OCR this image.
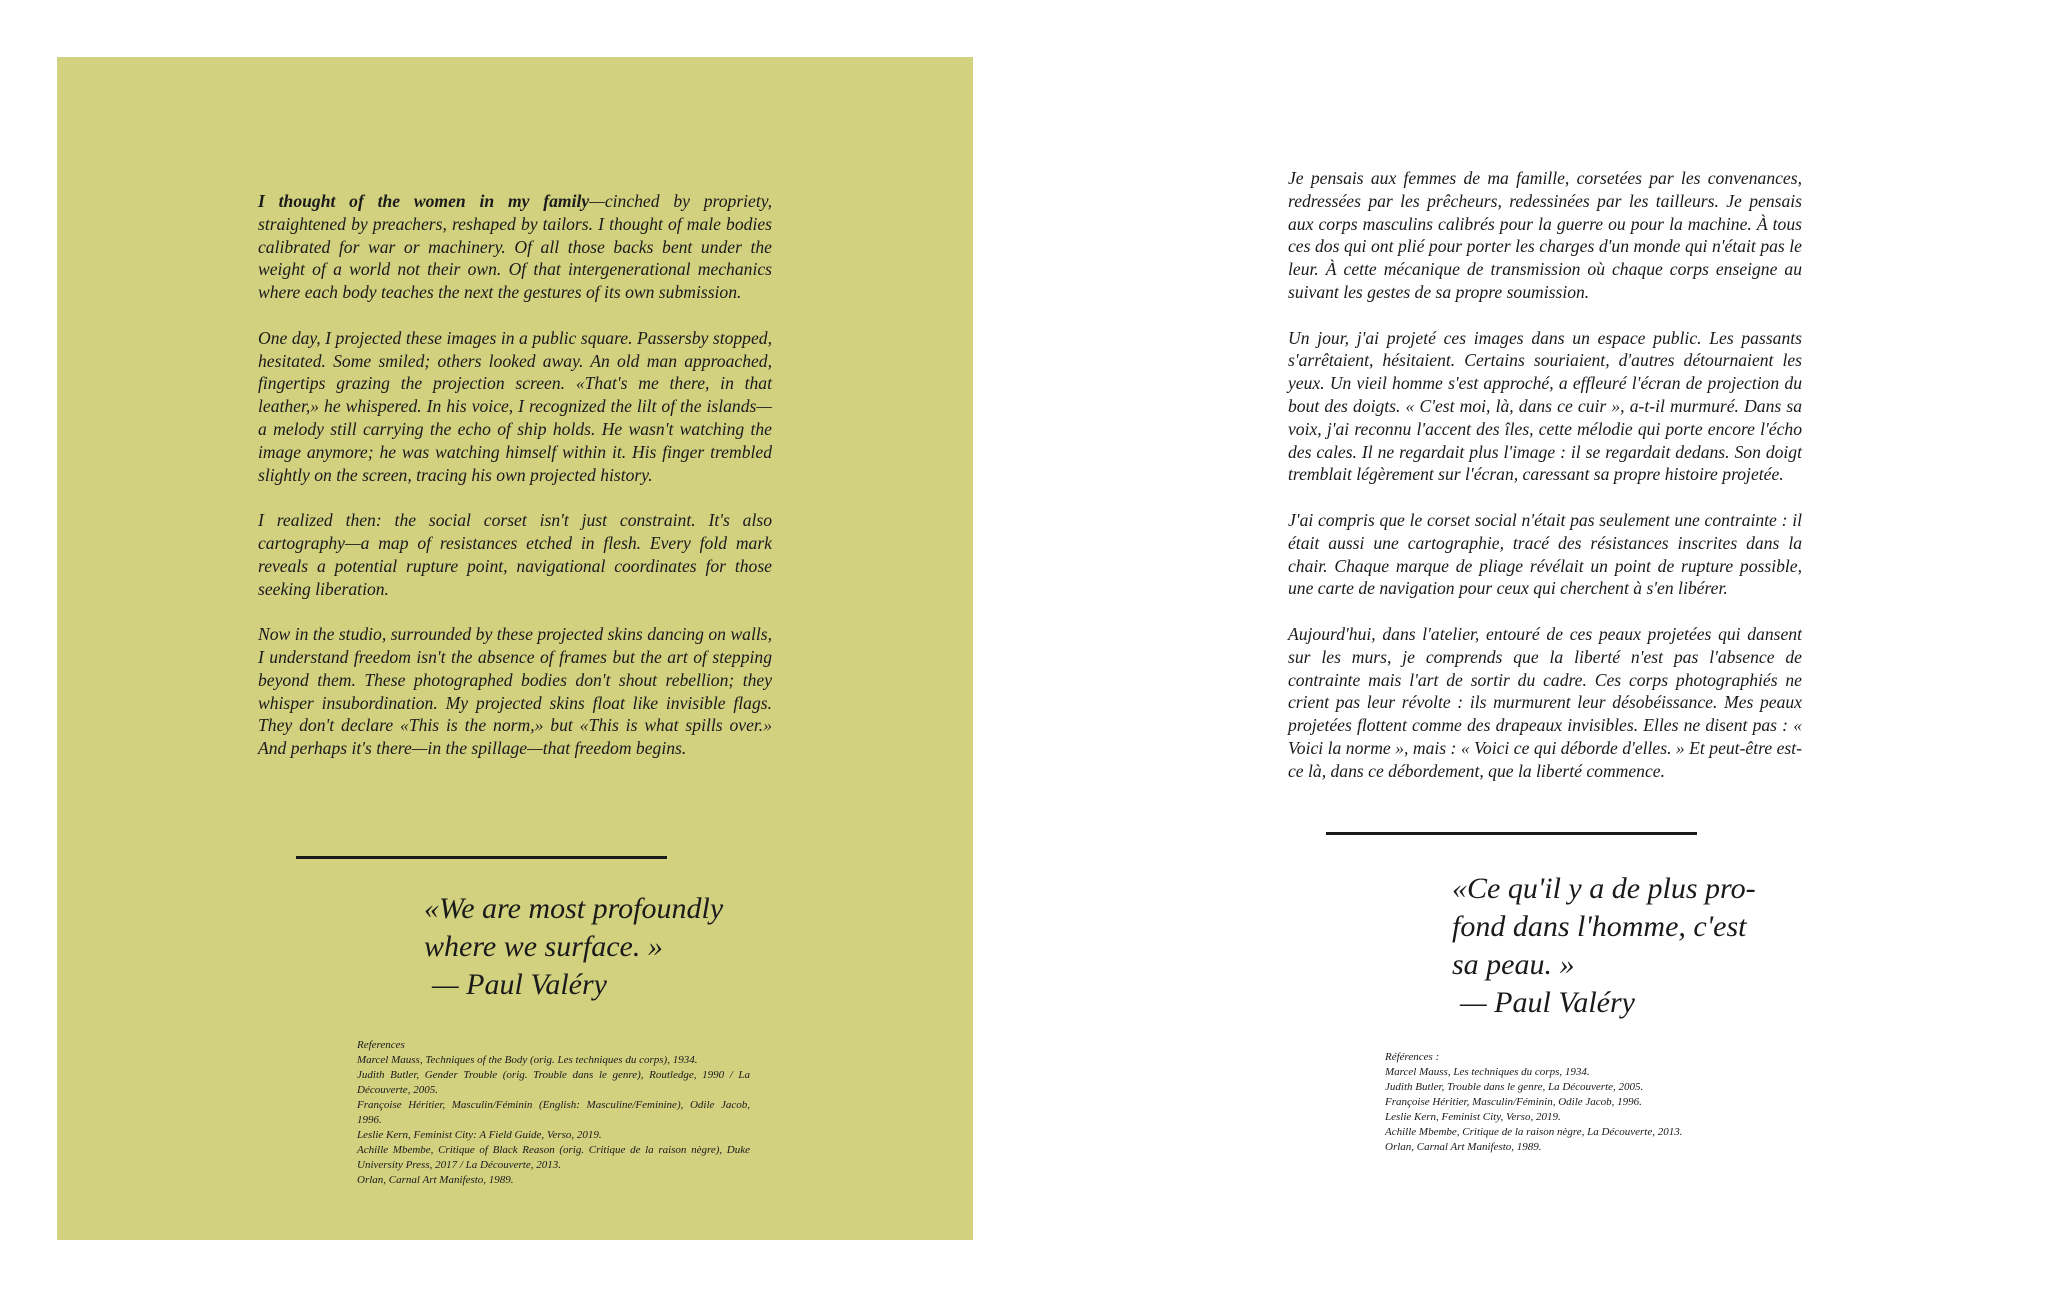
I thought of the women in my family—cinched by propriety, straightened by preachers, reshaped by tailors. I thought of male bodies calibrated for war or machinery. Of all those backs bent under the weight of a world not their own. Of that intergenerational mechanics where each body teaches the next the gestures of its own submission.

One day, I projected these images in a public square. Passersby stopped, hesitated. Some smiled; others looked away. An old man approached, fingertips grazing the projection screen. «That's me there, in that leather,» he whispered. In his voice, I recognized the lilt of the islands—a melody still carrying the echo of ship holds. He wasn't watching the image anymore; he was watching himself within it. His finger trembled slightly on the screen, tracing his own projected history.

I realized then: the social corset isn't just constraint. It's also cartography—a map of resistances etched in flesh. Every fold mark reveals a potential rupture point, navigational coordinates for those seeking liberation.

Now in the studio, surrounded by these projected skins dancing on walls, I understand freedom isn't the absence of frames but the art of stepping beyond them. These photographed bodies don't shout rebellion; they whisper insubordination. My projected skins float like invisible flags. They don't declare «This is the norm,» but «This is what spills over.» And perhaps it's there—in the spillage—that freedom begins.

«We are most profoundly
where we surface. »
— Paul Valéry
References
Marcel Mauss, Techniques of the Body (orig. Les techniques du corps), 1934.
Judith Butler, Gender Trouble (orig. Trouble dans le genre), Routledge, 1990 / La Découverte, 2005.
Françoise Héritier, Masculin/Féminin (English: Masculine/Feminine), Odile Jacob, 1996.
Leslie Kern, Feminist City: A Field Guide, Verso, 2019.
Achille Mbembe, Critique of Black Reason (orig. Critique de la raison nègre), Duke University Press, 2017 / La Découverte, 2013.
Orlan, Carnal Art Manifesto, 1989.

Je pensais aux femmes de ma famille, corsetées par les convenances, redressées par les prêcheurs, redessinées par les tailleurs. Je pensais aux corps masculins calibrés pour la guerre ou pour la machine. À tous ces dos qui ont plié pour porter les charges d'un monde qui n'était pas le leur. À cette mécanique de transmission où chaque corps enseigne au suivant les gestes de sa propre soumission.

Un jour, j'ai projeté ces images dans un espace public. Les passants s'arrêtaient, hésitaient. Certains souriaient, d'autres détournaient les yeux. Un vieil homme s'est approché, a effleuré l'écran de projection du bout des doigts. « C'est moi, là, dans ce cuir », a-t-il murmuré. Dans sa voix, j'ai reconnu l'accent des îles, cette mélodie qui porte encore l'écho des cales. Il ne regardait plus l'image : il se regardait dedans. Son doigt tremblait légèrement sur l'écran, caressant sa propre histoire projetée.

J'ai compris que le corset social n'était pas seulement une contrainte : il était aussi une cartographie, tracé des résistances inscrites dans la chair. Chaque marque de pliage révélait un point de rupture possible, une carte de navigation pour ceux qui cherchent à s'en libérer.

Aujourd'hui, dans l'atelier, entouré de ces peaux projetées qui dansent sur les murs, je comprends que la liberté n'est pas l'absence de contrainte mais l'art de sortir du cadre. Ces corps photographiés ne crient pas leur révolte : ils murmurent leur désobéissance. Mes peaux projetées flottent comme des drapeaux invisibles. Elles ne disent pas : « Voici la norme », mais : « Voici ce qui déborde d'elles. » Et peut-être est-ce là, dans ce débordement, que la liberté commence.

«Ce qu'il y a de plus pro-
fond dans l'homme, c'est
sa peau. »
— Paul Valéry
Références :
Marcel Mauss, Les techniques du corps, 1934.
Judith Butler, Trouble dans le genre, La Découverte, 2005.
Françoise Héritier, Masculin/Féminin, Odile Jacob, 1996.
Leslie Kern, Feminist City, Verso, 2019.
Achille Mbembe, Critique de la raison nègre, La Découverte, 2013.
Orlan, Carnal Art Manifesto, 1989.
